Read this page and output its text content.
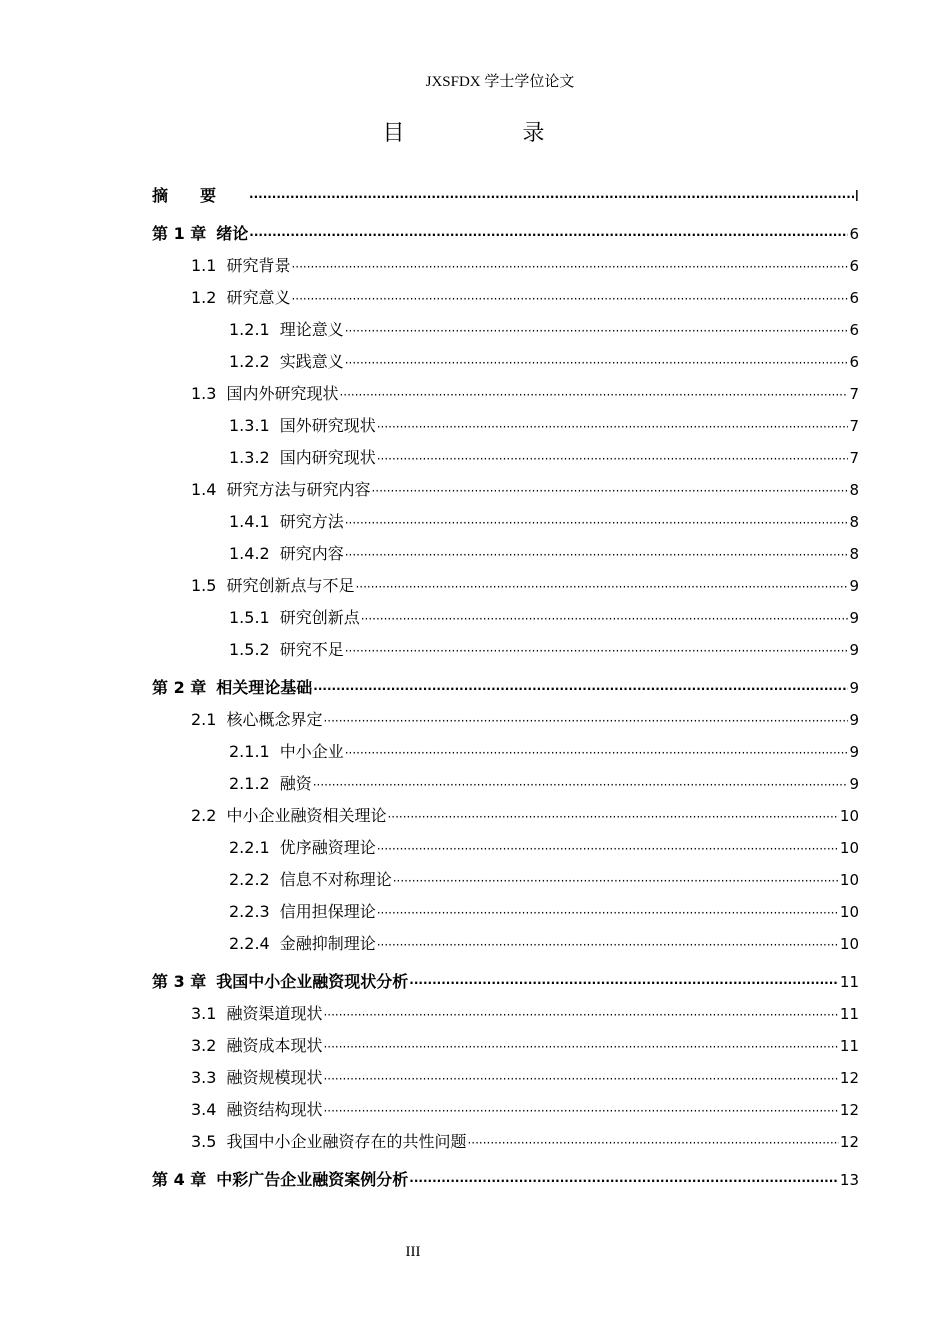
JXSFDX 学士学位论文
目　录
摘要 ·····	I
第 1 章 绪论 ·····	6
1.1 研究背景 ·····	6
1.2 研究意义 ·····	6
1.2.1 理论意义 ·····	6
1.2.2 实践意义 ·····	6
1.3 国内外研究现状 ·····	7
1.3.1 国外研究现状 ·····	7
1.3.2 国内研究现状 ·····	7
1.4 研究方法与研究内容 ·····	8
1.4.1 研究方法 ·····	8
1.4.2 研究内容 ·····	8
1.5 研究创新点与不足 ·····	9
1.5.1 研究创新点 ·····	9
1.5.2 研究不足 ·····	9
第 2 章 相关理论基础 ·····	9
2.1 核心概念界定 ·····	9
2.1.1 中小企业 ·····	9
2.1.2 融资 ·····	9
2.2 中小企业融资相关理论 ·····	10
2.2.1 优序融资理论 ·····	10
2.2.2 信息不对称理论 ·····	10
2.2.3 信用担保理论 ·····	10
2.2.4 金融抑制理论 ·····	10
第 3 章 我国中小企业融资现状分析 ·····	11
3.1 融资渠道现状 ·····	11
3.2 融资成本现状 ·····	11
3.3 融资规模现状 ·····	12
3.4 融资结构现状 ·····	12
3.5 我国中小企业融资存在的共性问题 ·····	12
第 4 章 中彩广告企业融资案例分析 ·····	13
III
